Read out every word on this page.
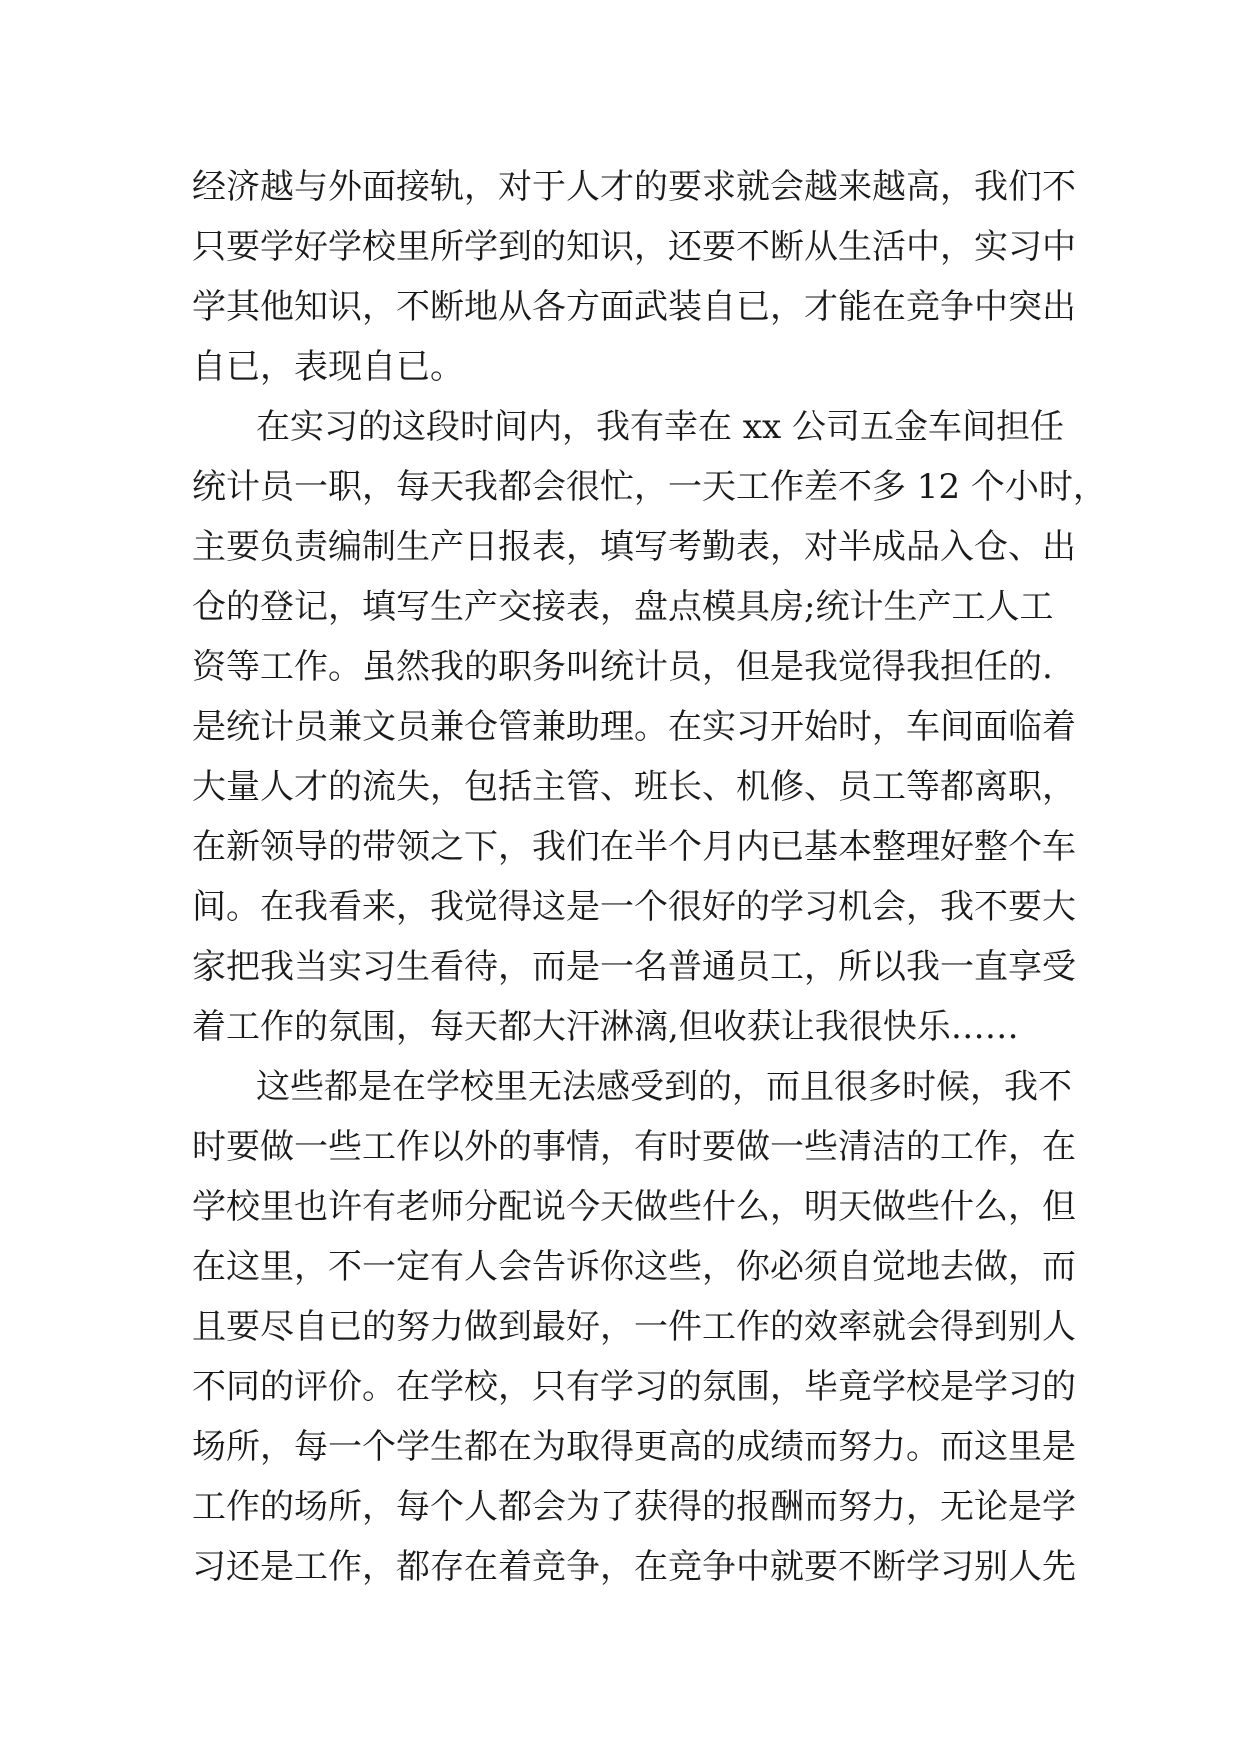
经济越与外面接轨，对于人才的要求就会越来越高，我们不
只要学好学校里所学到的知识，还要不断从生活中，实习中
学其他知识，不断地从各方面武装自已，才能在竞争中突出
自已，表现自已。
在实习的这段时间内，我有幸在 xx 公司五金车间担任
统计员一职，每天我都会很忙，一天工作差不多 12 个小时，
主要负责编制生产日报表，填写考勤表，对半成品入仓、出
仓的登记，填写生产交接表，盘点模具房;统计生产工人工
资等工作。虽然我的职务叫统计员，但是我觉得我担任的.
是统计员兼文员兼仓管兼助理。在实习开始时，车间面临着
大量人才的流失，包括主管、班长、机修、员工等都离职，
在新领导的带领之下，我们在半个月内已基本整理好整个车
间。在我看来，我觉得这是一个很好的学习机会，我不要大
家把我当实习生看待，而是一名普通员工，所以我一直享受
着工作的氛围，每天都大汗淋漓,但收获让我很快乐……
这些都是在学校里无法感受到的，而且很多时候，我不
时要做一些工作以外的事情，有时要做一些清洁的工作，在
学校里也许有老师分配说今天做些什么，明天做些什么，但
在这里，不一定有人会告诉你这些，你必须自觉地去做，而
且要尽自已的努力做到最好，一件工作的效率就会得到别人
不同的评价。在学校，只有学习的氛围，毕竟学校是学习的
场所，每一个学生都在为取得更高的成绩而努力。而这里是
工作的场所，每个人都会为了获得的报酬而努力，无论是学
习还是工作，都存在着竞争，在竞争中就要不断学习别人先
